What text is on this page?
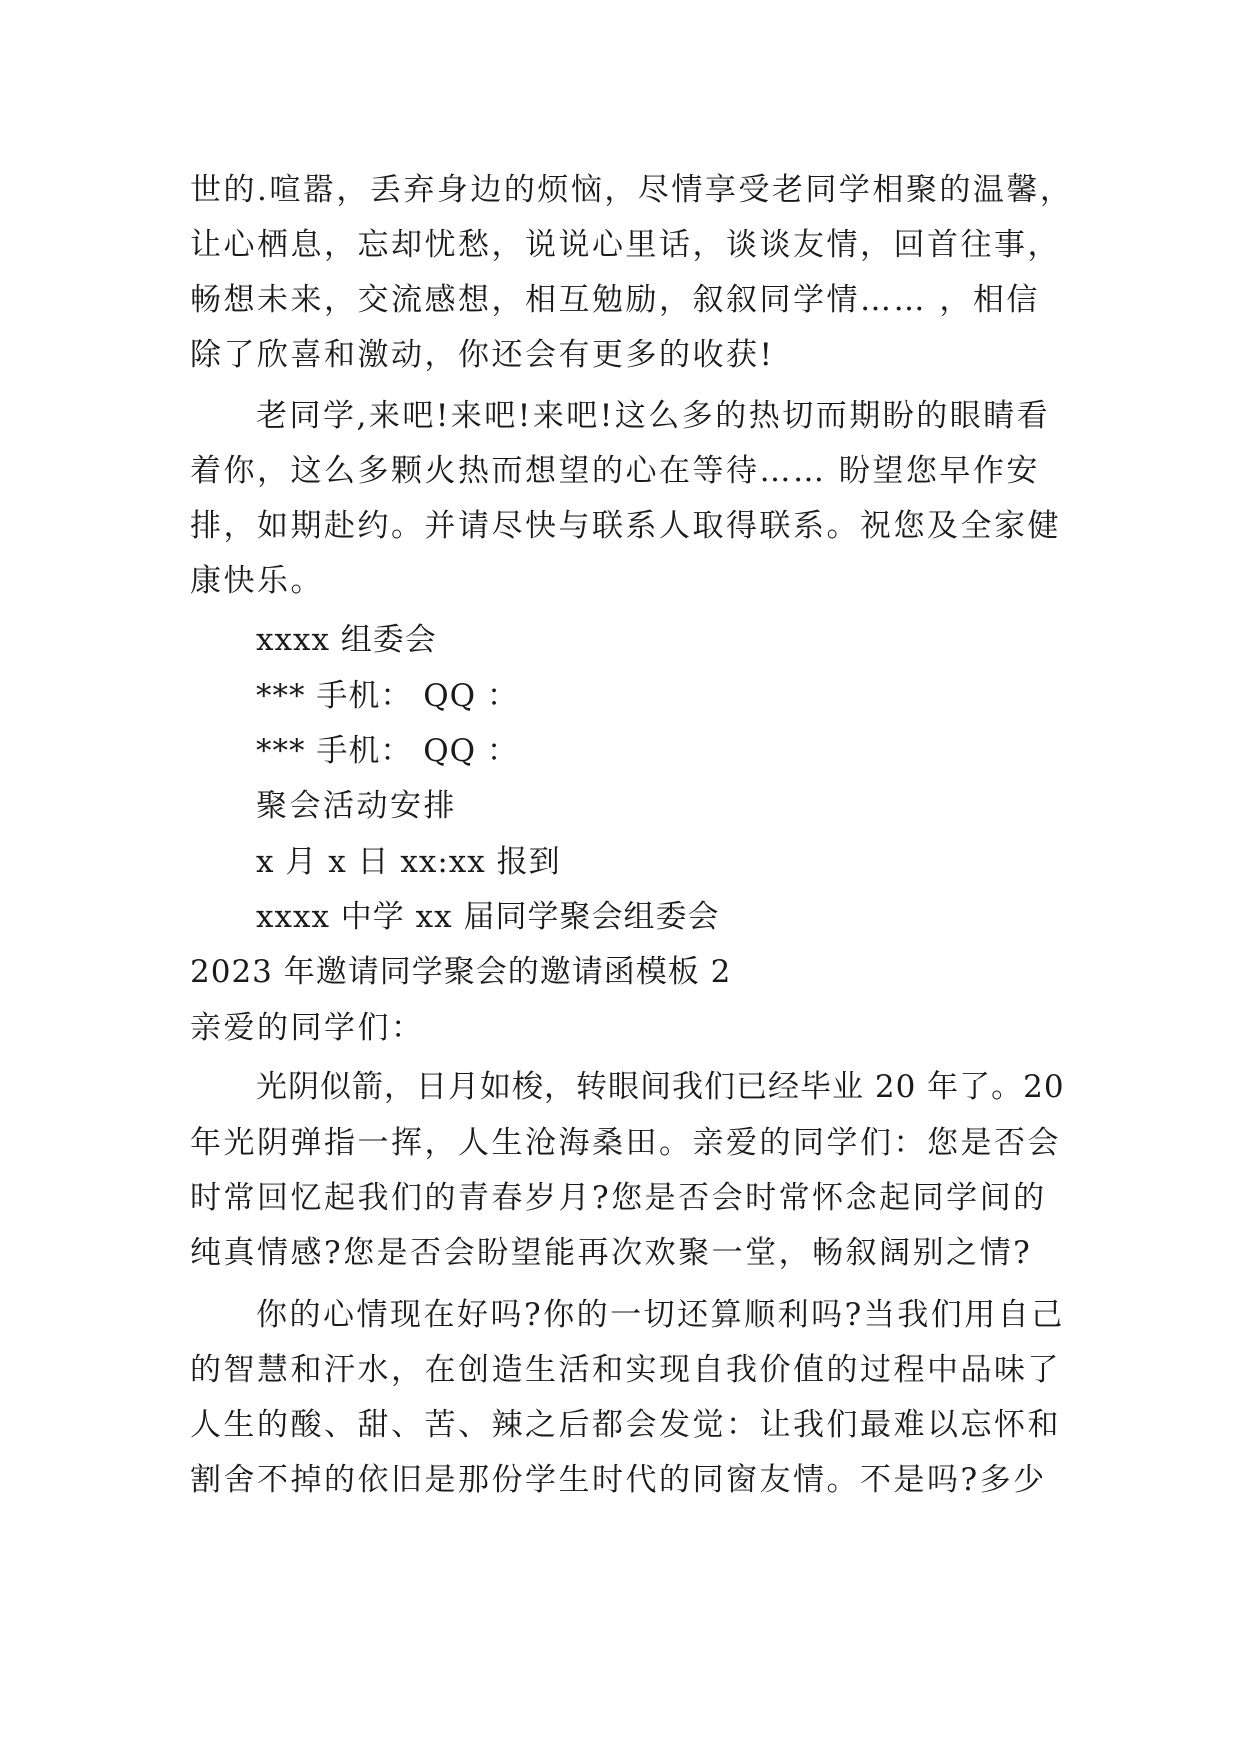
世的.喧嚣，丢弃身边的烦恼，尽情享受老同学相聚的温馨，
让心栖息，忘却忧愁，说说心里话，谈谈友情，回首往事，
畅想未来，交流感想，相互勉励，叙叙同学情…… ，相信
除了欣喜和激动，你还会有更多的收获!
老同学,来吧!来吧!来吧!这么多的热切而期盼的眼睛看
着你，这么多颗火热而想望的心在等待…… 盼望您早作安
排，如期赴约。并请尽快与联系人取得联系。祝您及全家健
康快乐。
xxxx 组委会
*** 手机： QQ ：
*** 手机： QQ ：
聚会活动安排
x 月 x 日 xx:xx 报到
xxxx 中学 xx 届同学聚会组委会
2023 年邀请同学聚会的邀请函模板 2
亲爱的同学们：
光阴似箭，日月如梭，转眼间我们已经毕业 20 年了。20
年光阴弹指一挥，人生沧海桑田。亲爱的同学们：您是否会
时常回忆起我们的青春岁月?您是否会时常怀念起同学间的
纯真情感?您是否会盼望能再次欢聚一堂，畅叙阔别之情?
你的心情现在好吗?你的一切还算顺利吗?当我们用自己
的智慧和汗水，在创造生活和实现自我价值的过程中品味了
人生的酸、甜、苦、辣之后都会发觉：让我们最难以忘怀和
割舍不掉的依旧是那份学生时代的同窗友情。不是吗?多少
